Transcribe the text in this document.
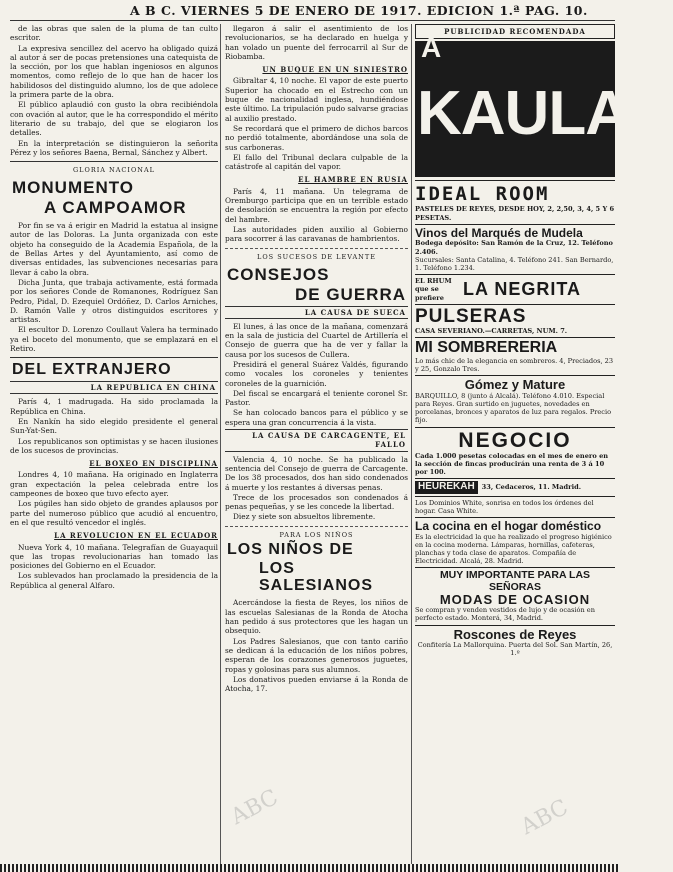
A B C. VIERNES 5 DE ENERO DE 1917. EDICION 1.ª PAG. 10.

de las obras que salen de la pluma de tan culto escritor.

La expresiva sencillez del acervo ha obligado quizá al autor á ser de pocas pretensiones una catequista de la sección, por los que hablan ingeniosos en algunos momentos, como reflejo de lo que han de hacer los habilidosos del distinguido alumno, los de que adolece la primera parte de la obra.

El público aplaudió con gusto la obra recibiéndola con ovación al autor, que le ha correspondido el mérito literario de su trabajo, del que se elogiaron los detalles.

En la interpretación se distinguieron la señorita Pérez y los señores Baena, Bernal, Sánchez y Albert.

GLORIA NACIONAL
MONUMENTO
A CAMPOAMOR

Por fin se va á erigir en Madrid la estatua al insigne autor de las Doloras. La Junta organizada con este objeto ha conseguido de la Academia Española, de la de Bellas Artes y del Ayuntamiento, así como de diversas entidades, las subvenciones necesarias para llevar á cabo la obra.

Dicha Junta, que trabaja activamente, está formada por los señores Conde de Romanones, Rodríguez San Pedro, Pidal, D. Ezequiel Ordóñez, D. Carlos Arniches, D. Ramón Valle y otros distinguidos escritores y artistas.

El escultor D. Lorenzo Coullaut Valera ha terminado ya el boceto del monumento, que se emplazará en el Retiro.

DEL EXTRANJERO
LA REPUBLICA EN CHINA

París 4, 1 madrugada. Ha sido proclamada la República en China.

En Nankín ha sido elegido presidente el general Sun-Yat-Sen.

Los republicanos son optimistas y se hacen ilusiones de los sucesos de provincias.

EL BOXEO EN DISCIPLINA

Londres 4, 10 mañana. Ha originado en Inglaterra gran expectación la pelea celebrada entre los campeones de boxeo que tuvo efecto ayer.

Los púgiles han sido objeto de grandes aplausos por parte del numeroso público que acudió al encuentro, en el que resultó vencedor el inglés.

LA REVOLUCION EN EL ECUADOR

Nueva York 4, 10 mañana. Telegrafían de Guayaquil que las tropas revolucionarias han tomado las posiciones del Gobierno en el Ecuador.

Los sublevados han proclamado la presidencia de la República al general Alfaro.

llegaron á salir el asentimiento de los revolucionarios, se ha declarado en huelga y han volado un puente del ferrocarril al Sur de Riobamba.

UN BUQUE EN UN SINIESTRO

Gibraltar 4, 10 noche. El vapor de este puerto Superior ha chocado en el Estrecho con un buque de nacionalidad inglesa, hundiéndose este último. La tripulación pudo salvarse gracias al auxilio prestado.

Se recordará que el primero de dichos barcos no perdió totalmente, abordándose una sola de sus carboneras.

El fallo del Tribunal declara culpable de la catástrofe al capitán del vapor.

EL HAMBRE EN RUSIA

París 4, 11 mañana. Un telegrama de Oremburgo participa que en un terrible estado de desolación se encuentra la región por efecto del hambre.

Las autoridades piden auxilio al Gobierno para socorrer á las caravanas de hambrientos.

LOS SUCESOS DE LEVANTE
CONSEJOS
DE GUERRA
LA CAUSA DE SUECA

El lunes, á las once de la mañana, comenzará en la sala de justicia del Cuartel de Artillería el Consejo de guerra que ha de ver y fallar la causa por los sucesos de Cullera.

Presidirá el general Suárez Valdés, figurando como vocales los coroneles y tenientes coroneles de la guarnición.

Del fiscal se encargará el teniente coronel Sr. Pastor.

Se han colocado bancos para el público y se espera una gran concurrencia á la vista.

LA CAUSA DE CARCAGENTE, EL FALLO

Valencia 4, 10 noche. Se ha publicado la sentencia del Consejo de guerra de Carcagente. De los 38 procesados, dos han sido condenados á muerte y los restantes á diversas penas.

Trece de los procesados son condenados á penas pequeñas, y se les concede la libertad.

Diez y siete son absueltos libremente.

PARA LOS NIÑOS
LOS NIÑOS DE
LOS SALESIANOS

Acercándose la fiesta de Reyes, los niños de las escuelas Salesianas de la Ronda de Atocha han pedido á sus protectores que les hagan un obsequio.

Los Padres Salesianos, que con tanto cariño se dedican á la educación de los niños pobres, esperan de los corazones generosos juguetes, ropas y golosinas para sus alumnos.

Los donativos pueden enviarse á la Ronda de Atocha, 17.

PUBLICIDAD RECOMENDADA
A
KAULAK
IDEAL ROOM
PASTELES DE REYES, DESDE HOY, 2, 2,50, 3, 4, 5 Y 6 PESETAS.
Vinos del Marqués de Mudela
Bodega depósito: San Ramón de la Cruz, 12. Teléfono 2.406.
Sucursales: Santa Catalina, 4. Teléfono 241. San Bernardo, 1. Teléfono 1.234.
EL RHUM que se prefiere	LA NEGRITA
PULSERAS
CASA SEVERIANO.—CARRETAS, NUM. 7.
MI SOMBRERERIA
Lo más chic de la elegancia en sombreros. 4, Preciados, 23 y 25, Gonzalo Tres.
Gómez y Mature
BARQUILLO, 8 (junto á Alcalá). Teléfono 4.010. Especial para Reyes. Gran surtido en juguetes, novedades en porcelanas, bronces y aparatos de luz para regalos. Precio fijo.
NEGOCIO
Cada 1.000 pesetas colocadas en el mes de enero en la sección de fincas producirán una renta de 3 á 10 por 100.
HEUREKAH	33, Cedaceros, 11. Madrid.
Los Dominios White, sonrisa en todos los órdenes del hogar. Casa White.
La cocina en el hogar doméstico
Es la electricidad la que ha realizado el progreso higiénico en la cocina moderna. Lámparas, hornillas, cafeteras, planchas y toda clase de aparatos. Compañía de Electricidad. Alcalá, 28. Madrid.
MUY IMPORTANTE PARA LAS SEÑORAS
MODAS DE OCASION
Se compran y venden vestidos de lujo y de ocasión en perfecto estado. Monterá, 34, Madrid.
Roscones de Reyes
Confitería La Mallorquina. Puerta del Sol. San Martín, 26, 1.º
ABC	ABC
